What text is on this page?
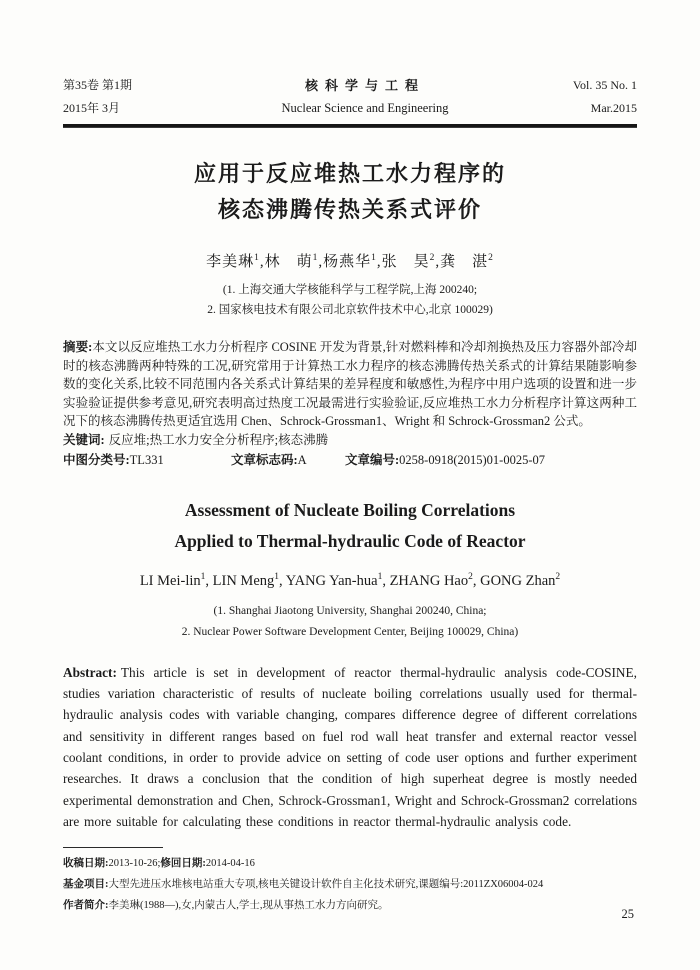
第35卷 第1期
2015年 3月
核科学与工程
Nuclear Science and Engineering
Vol. 35 No. 1
Mar.2015
应用于反应堆热工水力程序的
核态沸腾传热关系式评价
李美琳$^1$,林　萌$^1$,杨燕华$^1$,张　昊$^2$,龚　湛$^2$
(1. 上海交通大学核能科学与工程学院,上海 200240;
2. 国家核电技术有限公司北京软件技术中心,北京 100029)

摘要:本文以反应堆热工水力分析程序 COSINE 开发为背景,针对燃料棒和冷却剂换热及压力容器外部冷却时的核态沸腾两种特殊的工况,研究常用于计算热工水力程序的核态沸腾传热关系式的计算结果随影响参数的变化关系,比较不同范围内各关系式计算结果的差异程度和敏感性,为程序中用户选项的设置和进一步实验验证提供参考意见,研究表明高过热度工况最需进行实验验证,反应堆热工水力分析程序计算这两种工况下的核态沸腾传热更适宜选用 Chen、Schrock-Grossman1、Wright 和 Schrock-Grossman2 公式。

关键词: 反应堆;热工水力安全分析程序;核态沸腾

中图分类号:TL331	文章标志码:A	文章编号:0258-0918(2015)01-0025-07
Assessment of Nucleate Boiling Correlations
Applied to Thermal-hydraulic Code of Reactor
LI Mei-lin$^1$, LIN Meng$^1$, YANG Yan-hua$^1$, ZHANG Hao$^2$, GONG Zhan$^2$
(1. Shanghai Jiaotong University, Shanghai 200240, China;
2. Nuclear Power Software Development Center, Beijing 100029, China)

Abstract: This article is set in development of reactor thermal-hydraulic analysis code-COSINE, studies variation characteristic of results of nucleate boiling correlations usually used for thermal-hydraulic analysis codes with variable changing, compares difference degree of different correlations and sensitivity in different ranges based on fuel rod wall heat transfer and external reactor vessel coolant conditions, in order to provide advice on setting of code user options and further experiment researches. It draws a conclusion that the condition of high superheat degree is mostly needed experimental demonstration and Chen, Schrock-Grossman1, Wright and Schrock-Grossman2 correlations are more suitable for calculating these conditions in reactor thermal-hydraulic analysis code.

收稿日期:2013-10-26;修回日期:2014-04-16
基金项目:大型先进压水堆核电站重大专项,核电关键设计软件自主化技术研究,课题编号:2011ZX06004-024
作者简介:李美琳(1988—),女,内蒙古人,学士,现从事热工水力方向研究。
25
